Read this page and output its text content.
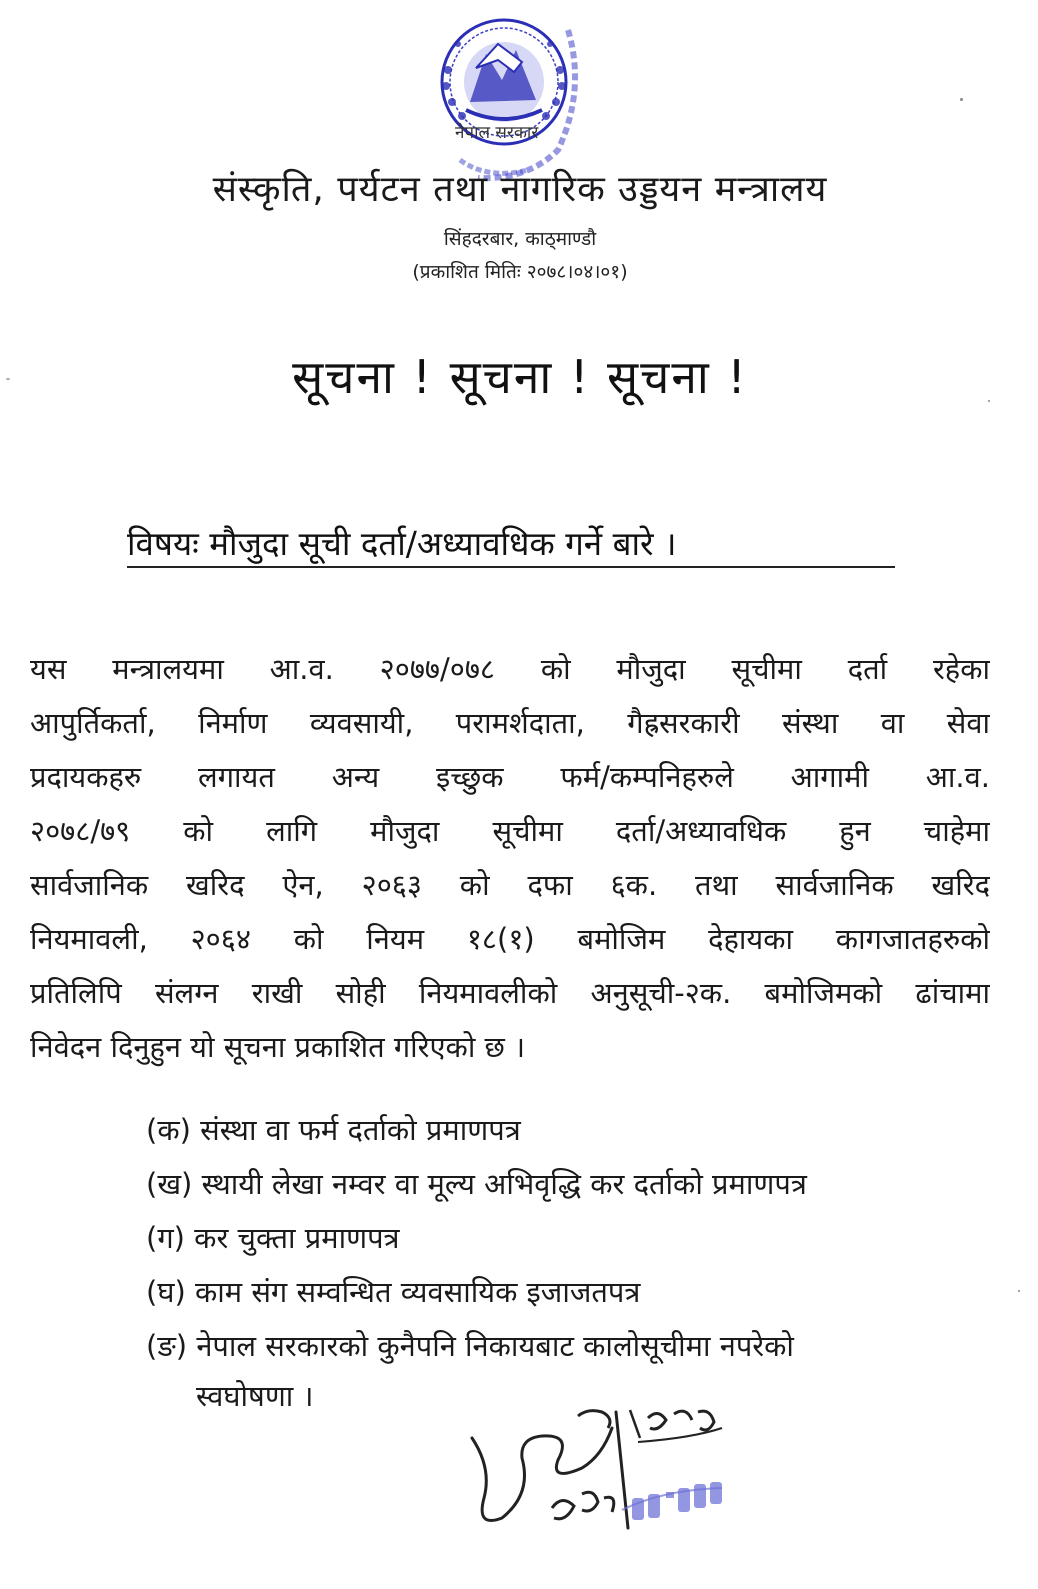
नेपाल सरकार
संस्कृति, पर्यटन तथा नागरिक उड्डयन मन्त्रालय
सिंहदरबार, काठ्माण्डौ
(प्रकाशित मितिः २०७८।०४।०१)
सूचना ! सूचना ! सूचना !
विषयः मौजुदा सूची दर्ता/अध्यावधिक गर्ने बारे ।
यस मन्त्रालयमा आ.व. २०७७/०७८ को मौजुदा सूचीमा दर्ता रहेका
आपुर्तिकर्ता, निर्माण व्यवसायी, परामर्शदाता, गैह्रसरकारी संस्था वा सेवा
प्रदायकहरु लगायत अन्य इच्छुक फर्म/कम्पनिहरुले आगामी आ.व.
२०७८/७९ को लागि मौजुदा सूचीमा दर्ता/अध्यावधिक हुन चाहेमा
सार्वजानिक खरिद ऐन, २०६३ को दफा ६क. तथा सार्वजानिक खरिद
नियमावली, २०६४ को नियम १८(१) बमोजिम देहायका कागजातहरुको
प्रतिलिपि संलग्न राखी सोही नियमावलीको अनुसूची-२क. बमोजिमको ढांचामा
निवेदन दिनुहुन यो सूचना प्रकाशित गरिएको छ ।
(क) संस्था वा फर्म दर्ताको प्रमाणपत्र
(ख) स्थायी लेखा नम्वर वा मूल्य अभिवृद्धि कर दर्ताको प्रमाणपत्र
(ग) कर चुक्ता प्रमाणपत्र
(घ) काम संग सम्वन्धित व्यवसायिक इजाजतपत्र
(ङ) नेपाल सरकारको कुनैपनि निकायबाट कालोसूचीमा नपरेको
स्वघोषणा ।
